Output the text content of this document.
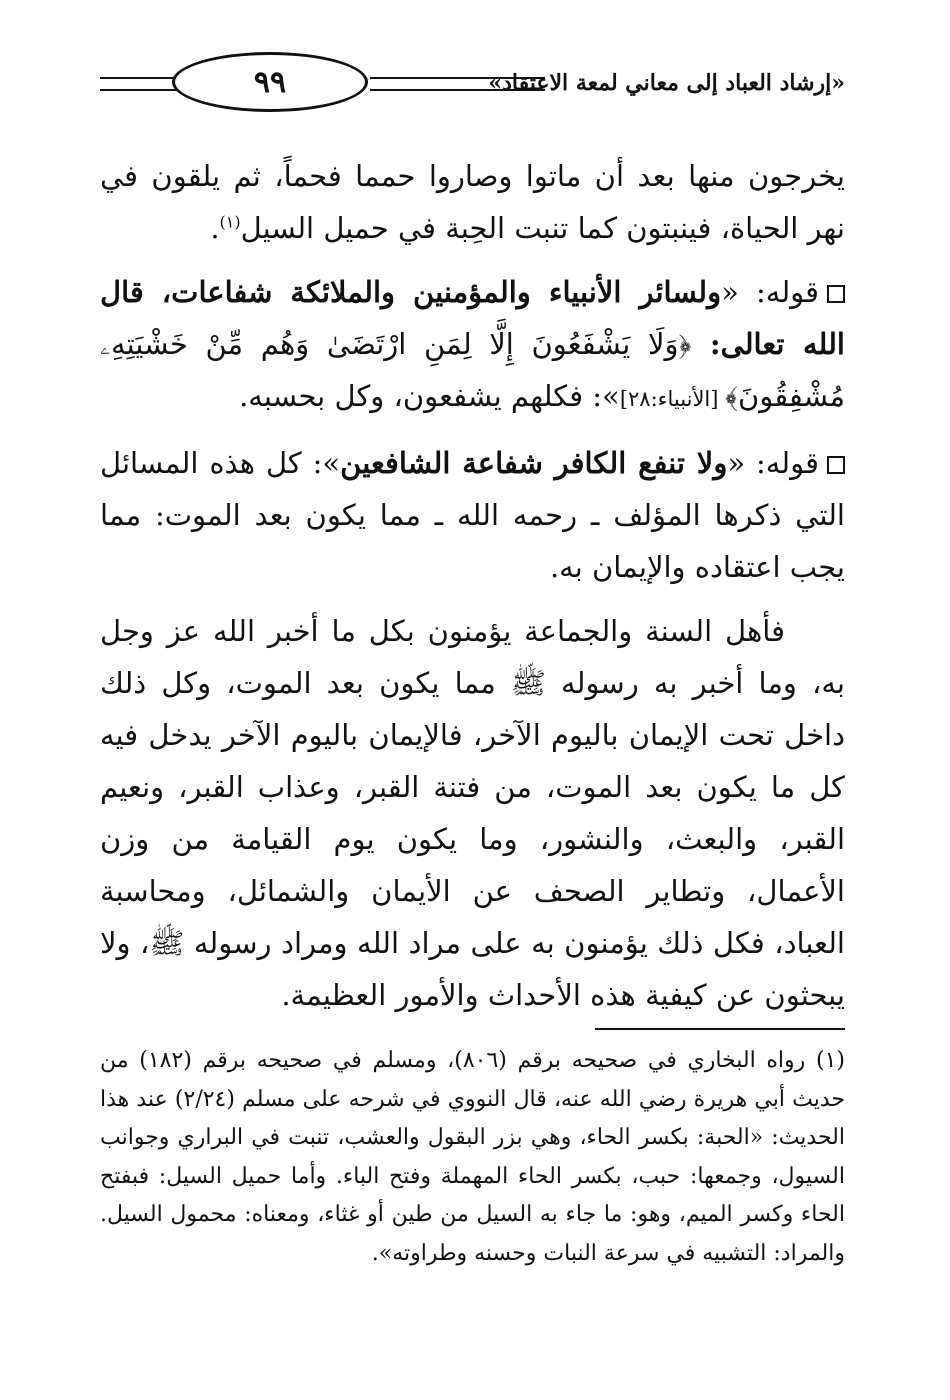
«إرشاد العباد إلى معاني لمعة الاعتقاد»
٩٩

يخرجون منها بعد أن ماتوا وصاروا حمما فحماً، ثم يلقون في نهر الحياة، فينبتون كما تنبت الحِبة في حميل السيل$^{(١)}$.

قوله: «ولسائر الأنبياء والمؤمنين والملائكة شفاعات، قال الله تعالى: ﴿وَلَا يَشْفَعُونَ إِلَّا لِمَنِ ارْتَضَىٰ وَهُم مِّنْ خَشْيَتِهِۦ مُشْفِقُونَ﴾ [الأنبياء:٢٨]»: فكلهم يشفعون، وكل بحسبه.

قوله: «ولا تنفع الكافر شفاعة الشافعين»: كل هذه المسائل التي ذكرها المؤلف ـ رحمه الله ـ مما يكون بعد الموت: مما يجب اعتقاده والإيمان به.

فأهل السنة والجماعة يؤمنون بكل ما أخبر الله عز وجل به، وما أخبر به رسوله ﷺ مما يكون بعد الموت، وكل ذلك داخل تحت الإيمان باليوم الآخر، فالإيمان باليوم الآخر يدخل فيه كل ما يكون بعد الموت، من فتنة القبر، وعذاب القبر، ونعيم القبر، والبعث، والنشور، وما يكون يوم القيامة من وزن الأعمال، وتطاير الصحف عن الأيمان والشمائل، ومحاسبة العباد، فكل ذلك يؤمنون به على مراد الله ومراد رسوله ﷺ، ولا يبحثون عن كيفية هذه الأحداث والأمور العظيمة.

(١) رواه البخاري في صحيحه برقم (٨٠٦)، ومسلم في صحيحه برقم (١٨٢) من حديث أبي هريرة رضي الله عنه، قال النووي في شرحه على مسلم (٢/٢٤) عند هذا الحديث: «الحبة: بكسر الحاء، وهي بزر البقول والعشب، تنبت في البراري وجوانب السيول، وجمعها: حبب، بكسر الحاء المهملة وفتح الباء. وأما حميل السيل: فبفتح الحاء وكسر الميم، وهو: ما جاء به السيل من طين أو غثاء، ومعناه: محمول السيل. والمراد: التشبيه في سرعة النبات وحسنه وطراوته».
